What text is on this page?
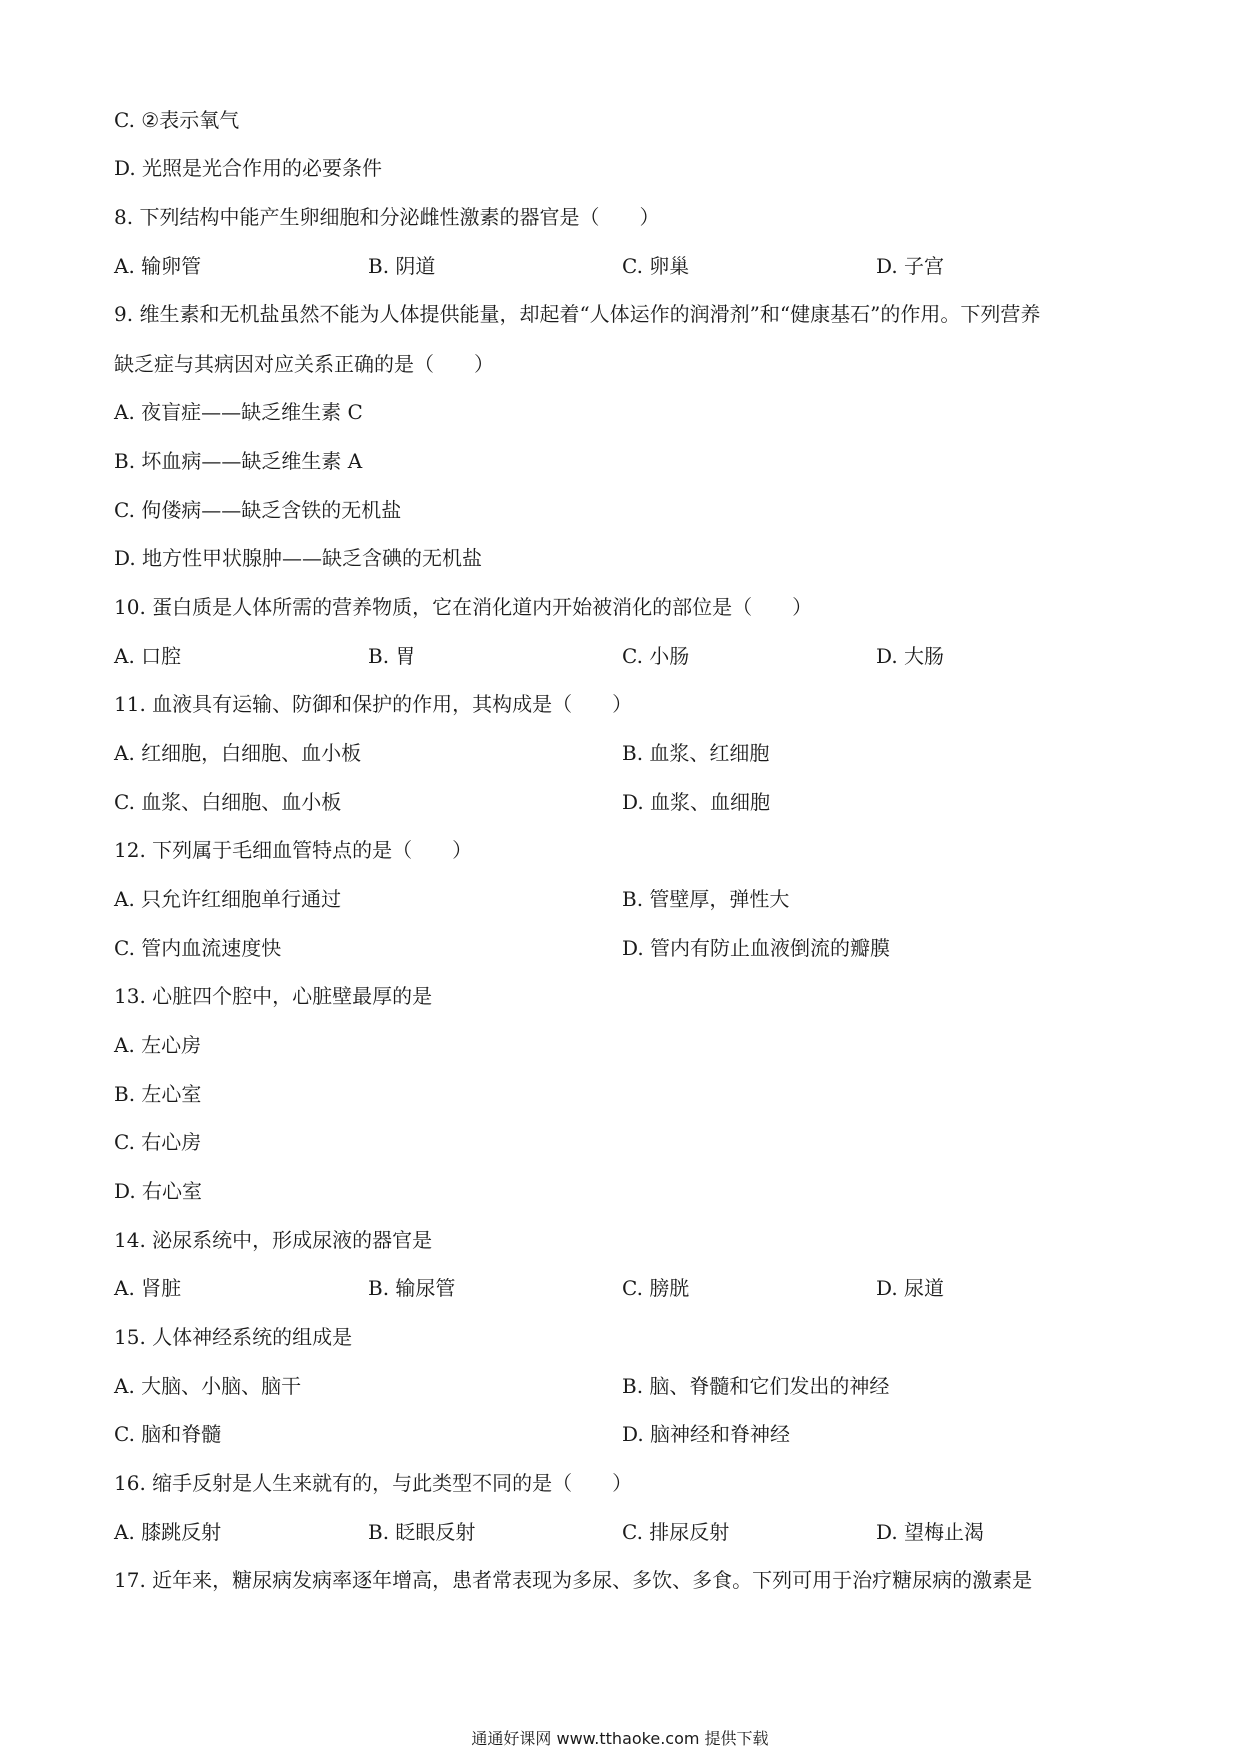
C. ②表示氧气
D. 光照是光合作用的必要条件
8. 下列结构中能产生卵细胞和分泌雌性激素的器官是（　　）
A. 输卵管	B. 阴道	C. 卵巢	D. 子宫
9. 维生素和无机盐虽然不能为人体提供能量，却起着“人体运作的润滑剂”和“健康基石”的作用。下列营养
缺乏症与其病因对应关系正确的是（　　）
A. 夜盲症——缺乏维生素 C
B. 坏血病——缺乏维生素 A
C. 佝偻病——缺乏含铁的无机盐
D. 地方性甲状腺肿——缺乏含碘的无机盐
10. 蛋白质是人体所需的营养物质，它在消化道内开始被消化的部位是（　　）
A. 口腔	B. 胃	C. 小肠	D. 大肠
11. 血液具有运输、防御和保护的作用，其构成是（　　）
A. 红细胞，白细胞、血小板	B. 血浆、红细胞
C. 血浆、白细胞、血小板	D. 血浆、血细胞
12. 下列属于毛细血管特点的是（　　）
A. 只允许红细胞单行通过	B. 管壁厚，弹性大
C. 管内血流速度快	D. 管内有防止血液倒流的瓣膜
13. 心脏四个腔中，心脏壁最厚的是
A. 左心房
B. 左心室
C. 右心房
D. 右心室
14. 泌尿系统中，形成尿液的器官是
A. 肾脏	B. 输尿管	C. 膀胱	D. 尿道
15. 人体神经系统的组成是
A. 大脑、小脑、脑干	B. 脑、脊髓和它们发出的神经
C. 脑和脊髓	D. 脑神经和脊神经
16. 缩手反射是人生来就有的，与此类型不同的是（　　）
A. 膝跳反射	B. 眨眼反射	C. 排尿反射	D. 望梅止渴
17. 近年来，糖尿病发病率逐年增高，患者常表现为多尿、多饮、多食。下列可用于治疗糖尿病的激素是
通通好课网 www.tthaoke.com 提供下载
